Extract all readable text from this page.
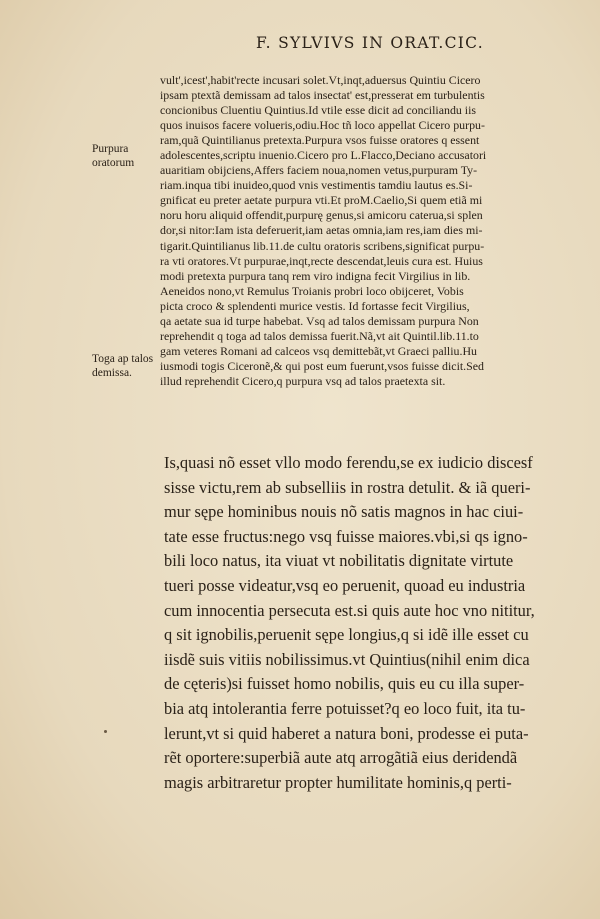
F. SYLVIVS IN ORAT.CIC.
Purpura oratorum
Toga ap talos demissa.
vult',icest',habit'recte incusari solet.Vt,inqt,aduersus Quintiu Cicero
ipsam ptextã demissam ad talos insectat' est,presserat em turbulentis
concionibus Cluentiu Quintius.Id vtile esse dicit ad conciliandu iis
quos inuisos facere volueris,odiu.Hoc tñ loco appellat Cicero purpu-
ram,quã Quintilianus pretexta.Purpura vsos fuisse oratores q essent
adolescentes,scriptu inuenio.Cicero pro L.Flacco,Deciano accusatori
auaritiam obijciens,Affers faciem noua,nomen vetus,purpuram Ty-
riam.inqua tibi inuideo,quod vnis vestimentis tamdiu lautus es.Si-
gnificat eu preter aetate purpura vti.Et proM.Caelio,Si quem etiã mi
noru horu aliquid offendit,purpurę genus,si amicoru caterua,si splen
dor,si nitor:Iam ista deferuerit,iam aetas omnia,iam res,iam dies mi-
tigarit.Quintilianus lib.11.de cultu oratoris scribens,significat purpu-
ra vti oratores.Vt purpurae,inqt,recte descendat,leuis cura est. Huius
modi pretexta purpura tanq rem viro indigna fecit Virgilius in lib.
Aeneidos nono,vt Remulus Troianis probri loco obijceret, Vobis
picta croco & splendenti murice vestis. Id fortasse fecit Virgilius,
qa aetate sua id turpe habebat. Vsq ad talos demissam purpura Non
reprehendit q toga ad talos demissa fuerit.Nã,vt ait Quintil.lib.11.to
gam veteres Romani ad calceos vsq demittebãt,vt Graeci palliu.Hu
iusmodi togis Ciceronẽ,& qui post eum fuerunt,vsos fuisse dicit.Sed
illud reprehendit Cicero,q purpura vsq ad talos praetexta sit.
Is,quasi nõ esset vllo modo ferendu,se ex iudicio discesf
sisse victu,rem ab subselliis in rostra detulit. & iã queri-
mur sępe hominibus nouis nõ satis magnos in hac ciui-
tate esse fructus:nego vsq fuisse maiores.vbi,si qs igno-
bili loco natus, ita viuat vt nobilitatis dignitate virtute
tueri posse videatur,vsq eo peruenit, quoad eu industria
cum innocentia persecuta est.si quis aute hoc vno nititur,
q sit ignobilis,peruenit sępe longius,q si idẽ ille esset cu
iisdẽ suis vitiis nobilissimus.vt Quintius(nihil enim dica
de cęteris)si fuisset homo nobilis, quis eu cu illa super-
bia atq intolerantia ferre potuisset?q eo loco fuit, ita tu-
lerunt,vt si quid haberet a natura boni, prodesse ei puta-
rẽt oportere:superbiã aute atq arrogãtiã eius deridendã
magis arbitraretur propter humilitate hominis,q perti-
